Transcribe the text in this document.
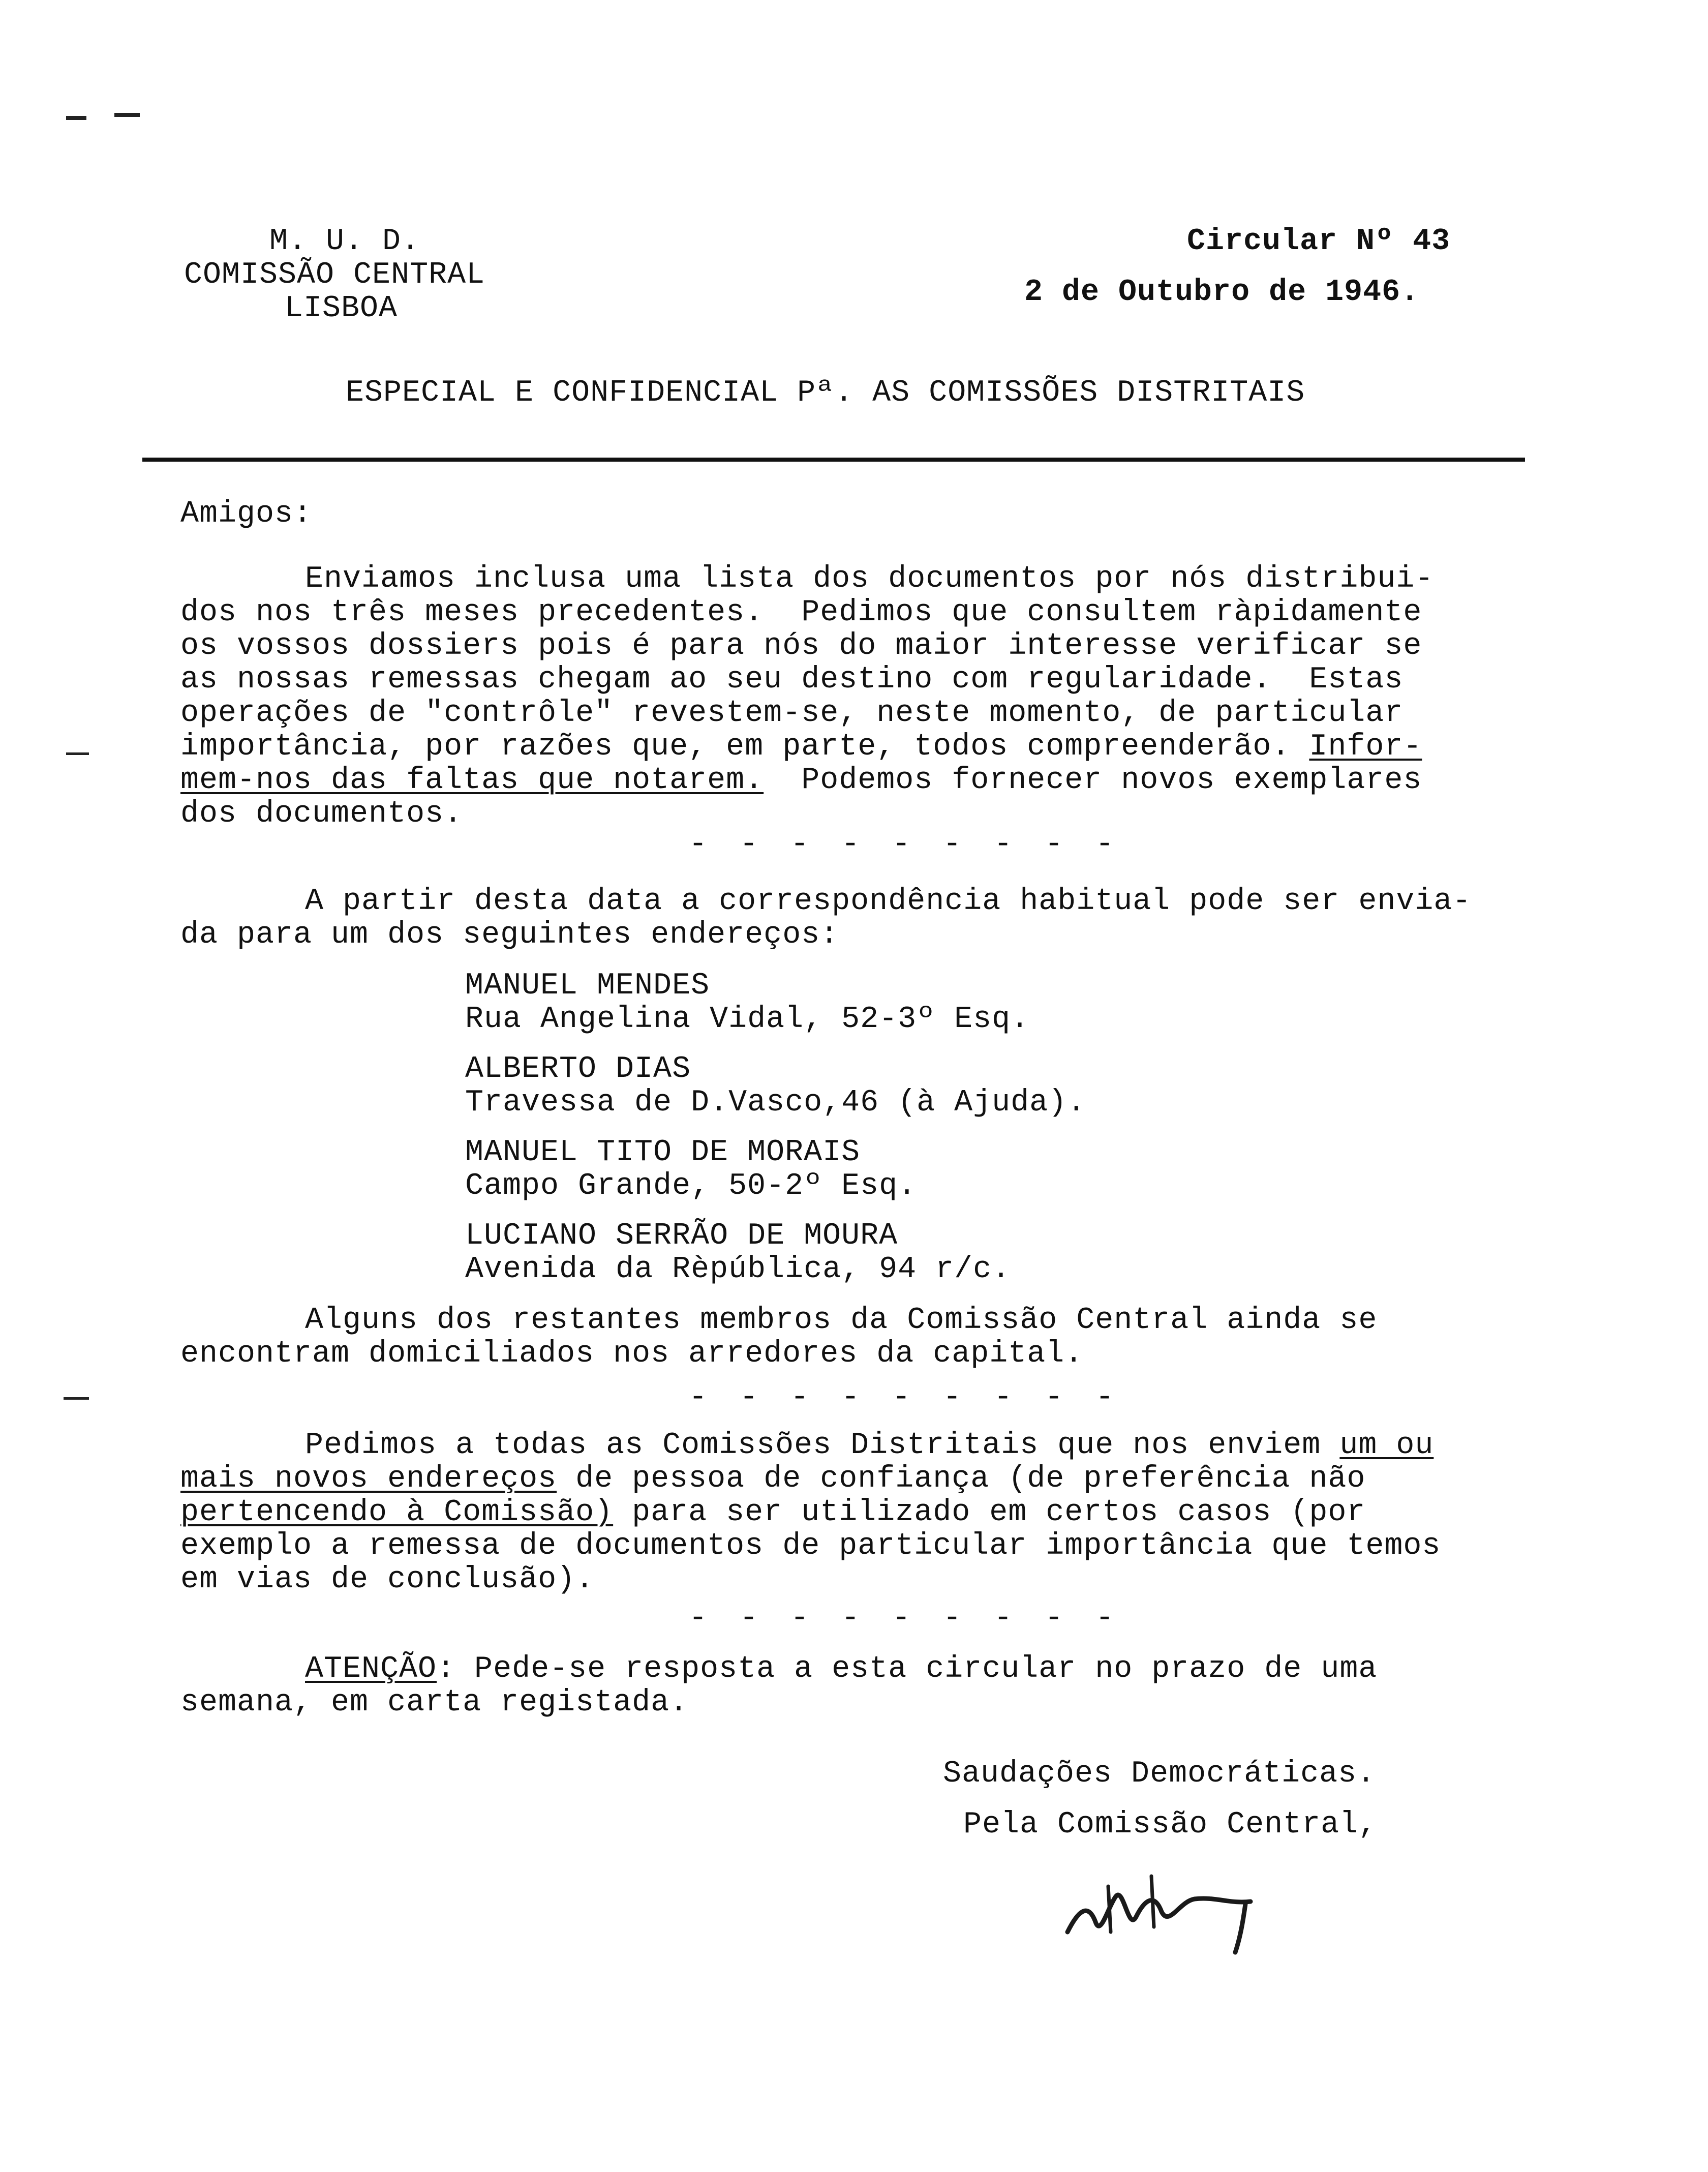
M. U. D.
COMISSÃO CENTRAL
LISBOA
Circular Nº 43
2 de Outubro de 1946.
ESPECIAL E CONFIDENCIAL Pª. AS COMISSÕES DISTRITAIS
Amigos:
Enviamos inclusa uma lista dos documentos por nós distribui-
dos nos três meses precedentes.  Pedimos que consultem ràpidamente
os vossos dossiers pois é para nós do maior interesse verificar se
as nossas remessas chegam ao seu destino com regularidade.  Estas
operações de "contrôle" revestem-se, neste momento, de particular
importância, por razões que, em parte, todos compreenderão. Infor-
mem-nos das faltas que notarem. Podemos fornecer novos exemplares
dos documentos.
- - - - - - - - -
A partir desta data a correspondência habitual pode ser envia-
da para um dos seguintes endereços:
MANUEL MENDES
Rua Angelina Vidal, 52-3º Esq.
ALBERTO DIAS
Travessa de D.Vasco,46 (à Ajuda).
MANUEL TITO DE MORAIS
Campo Grande, 50-2º Esq.
LUCIANO SERRÃO DE MOURA
Avenida da Rèpública, 94 r/c.
Alguns dos restantes membros da Comissão Central ainda se
encontram domiciliados nos arredores da capital.
- - - - - - - - -
Pedimos a todas as Comissões Distritais que nos enviem um ou
mais novos endereços de pessoa de confiança (de preferência não
pertencendo à Comissão) para ser utilizado em certos casos (por
exemplo a remessa de documentos de particular importância que temos
em vias de conclusão).
- - - - - - - - -
ATENÇÃO: Pede-se resposta a esta circular no prazo de uma
semana, em carta registada.
Saudações Democráticas.
Pela Comissão Central,
